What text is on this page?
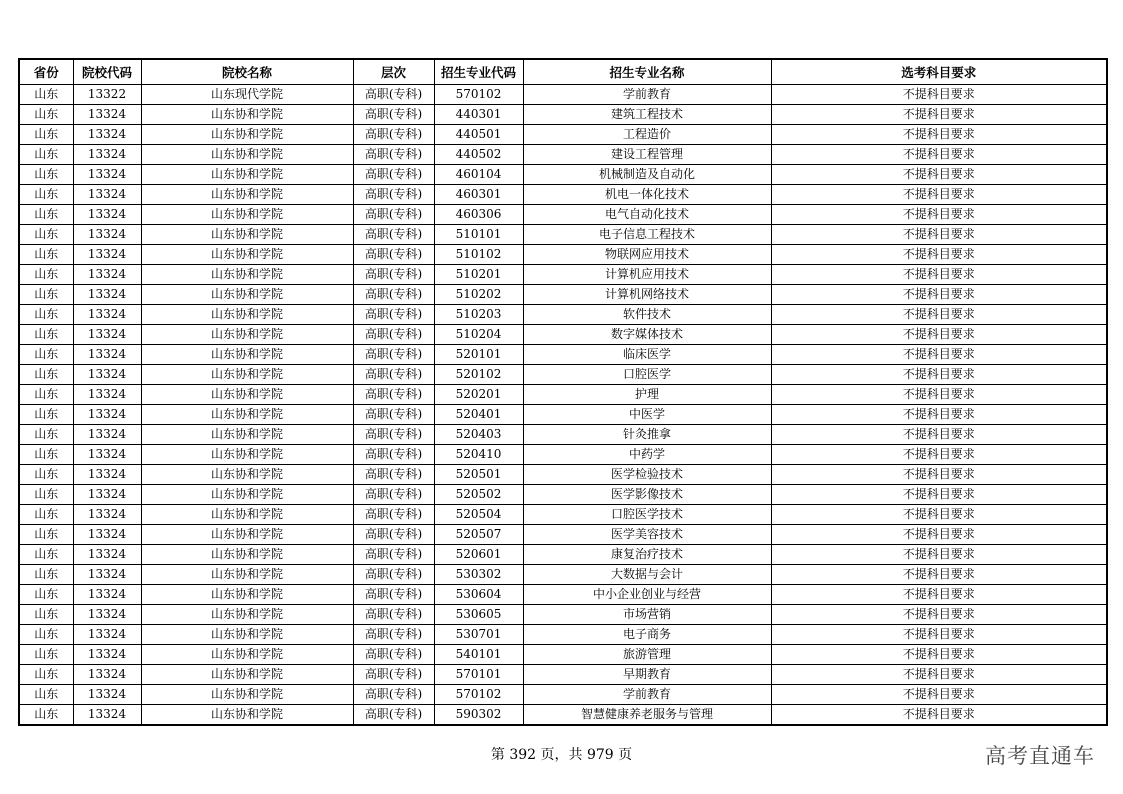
省份	院校代码	院校名称	层次	招生专业代码	招生专业名称	选考科目要求
山东	13322	山东现代学院	高职(专科)	570102	学前教育	不提科目要求
山东	13324	山东协和学院	高职(专科)	440301	建筑工程技术	不提科目要求
山东	13324	山东协和学院	高职(专科)	440501	工程造价	不提科目要求
山东	13324	山东协和学院	高职(专科)	440502	建设工程管理	不提科目要求
山东	13324	山东协和学院	高职(专科)	460104	机械制造及自动化	不提科目要求
山东	13324	山东协和学院	高职(专科)	460301	机电一体化技术	不提科目要求
山东	13324	山东协和学院	高职(专科)	460306	电气自动化技术	不提科目要求
山东	13324	山东协和学院	高职(专科)	510101	电子信息工程技术	不提科目要求
山东	13324	山东协和学院	高职(专科)	510102	物联网应用技术	不提科目要求
山东	13324	山东协和学院	高职(专科)	510201	计算机应用技术	不提科目要求
山东	13324	山东协和学院	高职(专科)	510202	计算机网络技术	不提科目要求
山东	13324	山东协和学院	高职(专科)	510203	软件技术	不提科目要求
山东	13324	山东协和学院	高职(专科)	510204	数字媒体技术	不提科目要求
山东	13324	山东协和学院	高职(专科)	520101	临床医学	不提科目要求
山东	13324	山东协和学院	高职(专科)	520102	口腔医学	不提科目要求
山东	13324	山东协和学院	高职(专科)	520201	护理	不提科目要求
山东	13324	山东协和学院	高职(专科)	520401	中医学	不提科目要求
山东	13324	山东协和学院	高职(专科)	520403	针灸推拿	不提科目要求
山东	13324	山东协和学院	高职(专科)	520410	中药学	不提科目要求
山东	13324	山东协和学院	高职(专科)	520501	医学检验技术	不提科目要求
山东	13324	山东协和学院	高职(专科)	520502	医学影像技术	不提科目要求
山东	13324	山东协和学院	高职(专科)	520504	口腔医学技术	不提科目要求
山东	13324	山东协和学院	高职(专科)	520507	医学美容技术	不提科目要求
山东	13324	山东协和学院	高职(专科)	520601	康复治疗技术	不提科目要求
山东	13324	山东协和学院	高职(专科)	530302	大数据与会计	不提科目要求
山东	13324	山东协和学院	高职(专科)	530604	中小企业创业与经营	不提科目要求
山东	13324	山东协和学院	高职(专科)	530605	市场营销	不提科目要求
山东	13324	山东协和学院	高职(专科)	530701	电子商务	不提科目要求
山东	13324	山东协和学院	高职(专科)	540101	旅游管理	不提科目要求
山东	13324	山东协和学院	高职(专科)	570101	早期教育	不提科目要求
山东	13324	山东协和学院	高职(专科)	570102	学前教育	不提科目要求
山东	13324	山东协和学院	高职(专科)	590302	智慧健康养老服务与管理	不提科目要求
第 392 页，共 979 页	高考直通车
